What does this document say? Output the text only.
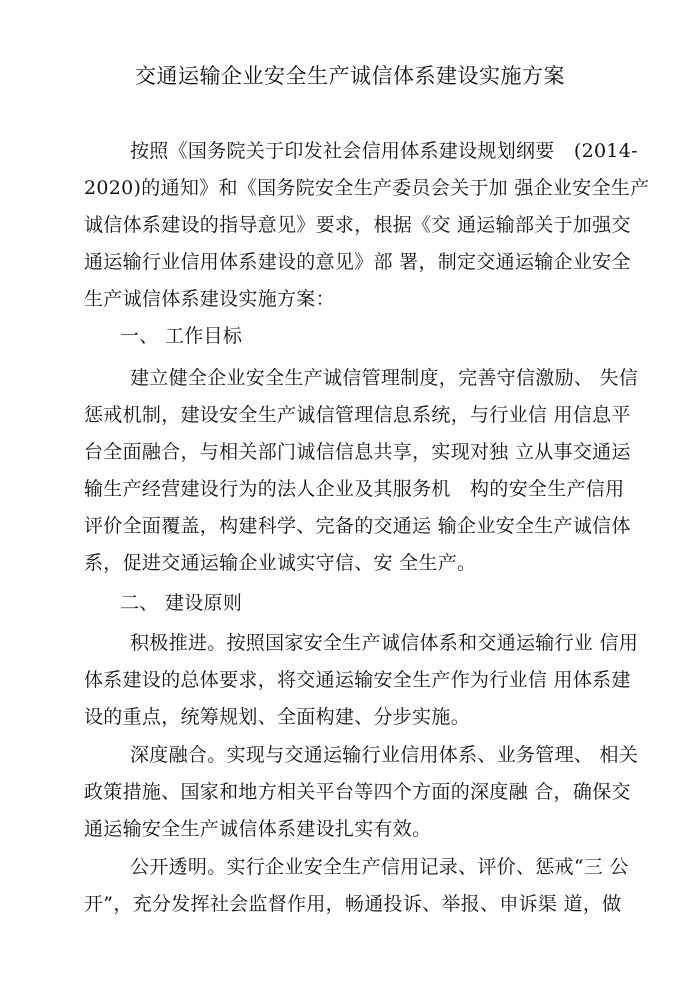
交通运输企业安全生产诚信体系建设实施方案
按照《国务院关于印发社会信用体系建设规划纲要　(2014-
2020)的通知》和《国务院安全生产委员会关于加 强企业安全生产
诚信体系建设的指导意见》要求，根据《交 通运输部关于加强交
通运输行业信用体系建设的意见》部 署，制定交通运输企业安全
生产诚信体系建设实施方案：
一、 工作目标
建立健全企业安全生产诚信管理制度，完善守信激励、 失信
惩戒机制，建设安全生产诚信管理信息系统，与行业信 用信息平
台全面融合，与相关部门诚信信息共享，实现对独 立从事交通运
输生产经营建设行为的法人企业及其服务机　构的安全生产信用
评价全面覆盖，构建科学、完备的交通运 输企业安全生产诚信体
系，促进交通运输企业诚实守信、安 全生产。
二、 建设原则
积极推进。按照国家安全生产诚信体系和交通运输行业 信用
体系建设的总体要求，将交通运输安全生产作为行业信 用体系建
设的重点，统筹规划、全面构建、分步实施。
深度融合。实现与交通运输行业信用体系、业务管理、 相关
政策措施、国家和地方相关平台等四个方面的深度融 合，确保交
通运输安全生产诚信体系建设扎实有效。
公开透明。实行企业安全生产信用记录、评价、惩戒“三 公
开”，充分发挥社会监督作用，畅通投诉、举报、申诉渠 道，做
